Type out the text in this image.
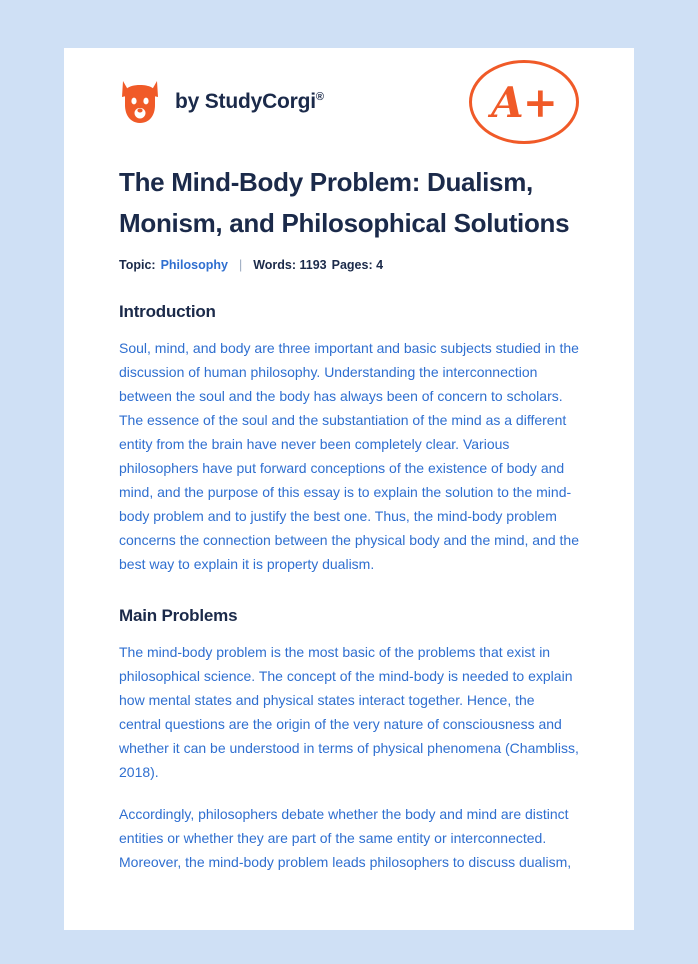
by StudyCorgi®	A+
The Mind-Body Problem: Dualism, Monism, and Philosophical Solutions
Topic: Philosophy | Words: 1193 Pages: 4
Introduction

Soul, mind, and body are three important and basic subjects studied in the discussion of human philosophy. Understanding the interconnection between the soul and the body has always been of concern to scholars. The essence of the soul and the substantiation of the mind as a different entity from the brain have never been completely clear. Various philosophers have put forward conceptions of the existence of body and mind, and the purpose of this essay is to explain the solution to the mind-body problem and to justify the best one. Thus, the mind-body problem concerns the connection between the physical body and the mind, and the best way to explain it is property dualism.

Main Problems

The mind-body problem is the most basic of the problems that exist in philosophical science. The concept of the mind-body is needed to explain how mental states and physical states interact together. Hence, the central questions are the origin of the very nature of consciousness and whether it can be understood in terms of physical phenomena (Chambliss, 2018).

Accordingly, philosophers debate whether the body and mind are distinct entities or whether they are part of the same entity or interconnected. Moreover, the mind-body problem leads philosophers to discuss dualism,
